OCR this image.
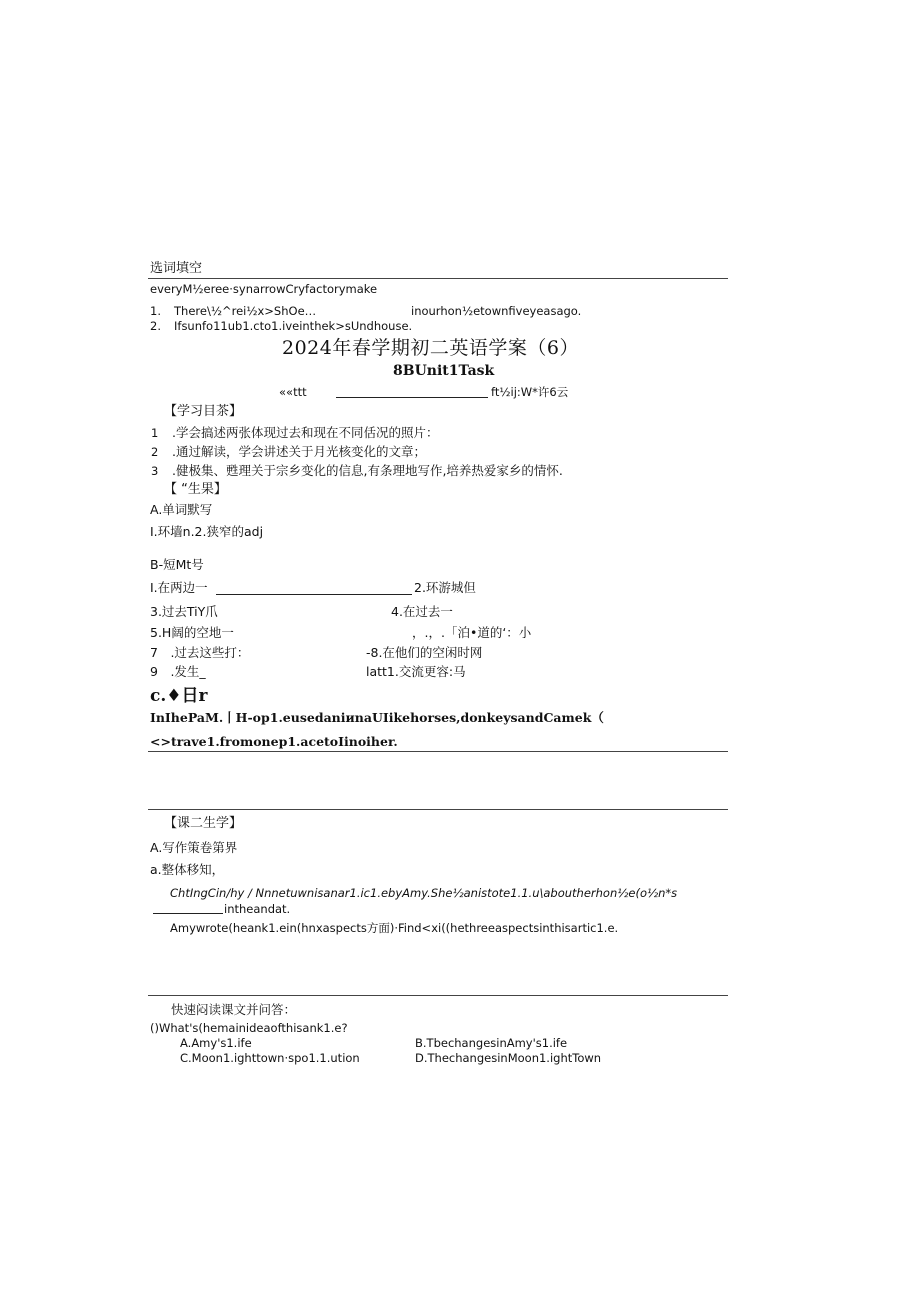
选词填空
everyM½eree·synarrowCryfactorymake
1. There\½^rei½x>ShOe…	inourhon½etownfiveyeаsago.
2. Ifsunfo11ub1.cto1.iveinthek>sUndhouse.
2024年春学期初二英语学案（6）
8BUnit1Task
««ttt	ft½ij:W*许6云
【学习目茶】
1 .学会搞述两张体现过去和现在不同佸况的照片：
2 .通过解读，学会讲述关于月光核变化的文章；
3 .健极集、甦理关于宗乡变化的信息,有条理地写作,培养热爱家乡的情怀.
【 “生果】
A.单词默写
I.环墙n.2.狭窄的adj
B-短Mt号
I.在两边一	2.环游城但
3.过去TiY爪	4.在过去一
5.H阔的空地一	，.，.「泊•道的‘：小
7　.过去这些打：	-8.在他们的空闲时网
9　.发生_	latt1.交流更容:马
c.♦日r
InIhePaM.丨H-op1.eusedaniиnaUIikehorses,donkeysandCamek（
<>trave1.fromonep1.acetoIinoiher.
【课二生学】
A.写作策卷第界
a.整体移知，
ChtIngCin∕hy ∕ Nnnetuwnisanar1.ic1.ebyAmy.She½anistote1.1.u\abouthеrhon½e(o½n*s
intheandat.
Amywrote(heank1.ein(hnxaspects方面)·Find<xi((hethreeaspectsinthisartic1.e.
快速闷读课文并问答：
()What's(hemainideaofthisank1.e?
A.Amy's1.ife	B.TbechangesinAmy's1.ife
C.Moon1.ighttown·spo1.1.ution	D.ThechangesinMoon1.ightTown
